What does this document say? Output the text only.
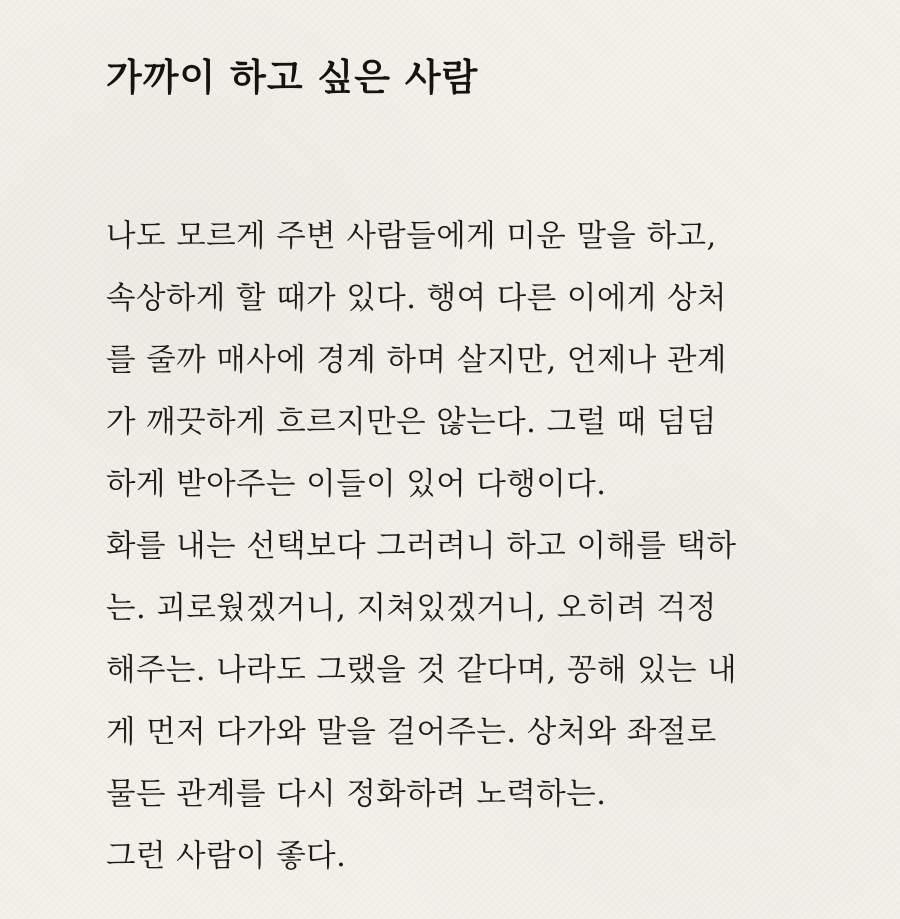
가까이 하고 싶은 사람
나도 모르게 주변 사람들에게 미운 말을 하고,
속상하게 할 때가 있다. 행여 다른 이에게 상처
를 줄까 매사에 경계 하며 살지만, 언제나 관계
가 깨끗하게 흐르지만은 않는다. 그럴 때 덤덤
하게 받아주는 이들이 있어 다행이다.
화를 내는 선택보다 그러려니 하고 이해를 택하
는. 괴로웠겠거니, 지쳐있겠거니, 오히려 걱정
해주는. 나라도 그랬을 것 같다며, 꽁해 있는 내
게 먼저 다가와 말을 걸어주는. 상처와 좌절로
물든 관계를 다시 정화하려 노력하는.
그런 사람이 좋다.
